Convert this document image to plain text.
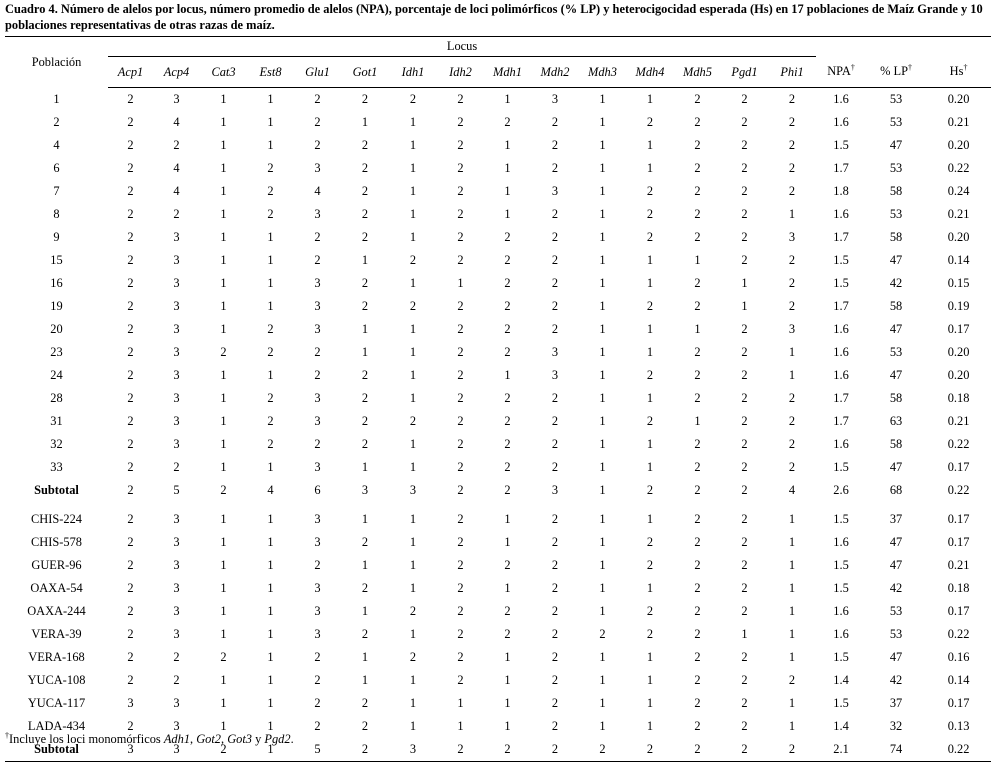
Cuadro 4. Número de alelos por locus, número promedio de alelos (NPA), porcentaje de loci polimórficos (% LP) y heterocigocidad esperada (Hs) en 17 poblaciones de Maíz Grande y 10 poblaciones representativas de otras razas de maíz.
Población	Locus																	
	Acp1	Acp4	Cat3	Est8	Glu1	Got1	Idh1	Idh2	Mdh1	Mdh2	Mdh3	Mdh4	Mdh5	Pgd1	Phi1	NPA†	% LP†	Hs†
1	2	3	1	1	2	2	2	2	1	3	1	1	2	2	2	1.6	53	0.20
2	2	4	1	1	2	1	1	2	2	2	1	2	2	2	2	1.6	53	0.21
4	2	2	1	1	2	2	1	2	1	2	1	1	2	2	2	1.5	47	0.20
6	2	4	1	2	3	2	1	2	1	2	1	1	2	2	2	1.7	53	0.22
7	2	4	1	2	4	2	1	2	1	3	1	2	2	2	2	1.8	58	0.24
8	2	2	1	2	3	2	1	2	1	2	1	2	2	2	1	1.6	53	0.21
9	2	3	1	1	2	2	1	2	2	2	1	2	2	2	3	1.7	58	0.20
15	2	3	1	1	2	1	2	2	2	2	1	1	1	2	2	1.5	47	0.14
16	2	3	1	1	3	2	1	1	2	2	1	1	2	1	2	1.5	42	0.15
19	2	3	1	1	3	2	2	2	2	2	1	2	2	1	2	1.7	58	0.19
20	2	3	1	2	3	1	1	2	2	2	1	1	1	2	3	1.6	47	0.17
23	2	3	2	2	2	1	1	2	2	3	1	1	2	2	1	1.6	53	0.20
24	2	3	1	1	2	2	1	2	1	3	1	2	2	2	1	1.6	47	0.20
28	2	3	1	2	3	2	1	2	2	2	1	1	2	2	2	1.7	58	0.18
31	2	3	1	2	3	2	2	2	2	2	1	2	1	2	2	1.7	63	0.21
32	2	3	1	2	2	2	1	2	2	2	1	1	2	2	2	1.6	58	0.22
33	2	2	1	1	3	1	1	2	2	2	1	1	2	2	2	1.5	47	0.17
Subtotal	2	5	2	4	6	3	3	2	2	3	1	2	2	2	4	2.6	68	0.22

CHIS-224	2	3	1	1	3	1	1	2	1	2	1	1	2	2	1	1.5	37	0.17
CHIS-578	2	3	1	1	3	2	1	2	1	2	1	2	2	2	1	1.6	47	0.17
GUER-96	2	3	1	1	2	1	1	2	2	2	1	2	2	2	1	1.5	47	0.21
OAXA-54	2	3	1	1	3	2	1	2	1	2	1	1	2	2	1	1.5	42	0.18
OAXA-244	2	3	1	1	3	1	2	2	2	2	1	2	2	2	1	1.6	53	0.17
VERA-39	2	3	1	1	3	2	1	2	2	2	2	2	2	1	1	1.6	53	0.22
VERA-168	2	2	2	1	2	1	2	2	1	2	1	1	2	2	1	1.5	47	0.16
YUCA-108	2	2	1	1	2	1	1	2	1	2	1	1	2	2	2	1.4	42	0.14
YUCA-117	3	3	1	1	2	2	1	1	1	2	1	1	2	2	1	1.5	37	0.17
LADA-434	2	3	1	1	2	2	1	1	1	2	1	1	2	2	1	1.4	32	0.13
Subtotal	3	3	2	1	5	2	3	2	2	2	2	2	2	2	2	2.1	74	0.22
†Incluye los loci monomórficos Adh1, Got2, Got3 y Pgd2.
